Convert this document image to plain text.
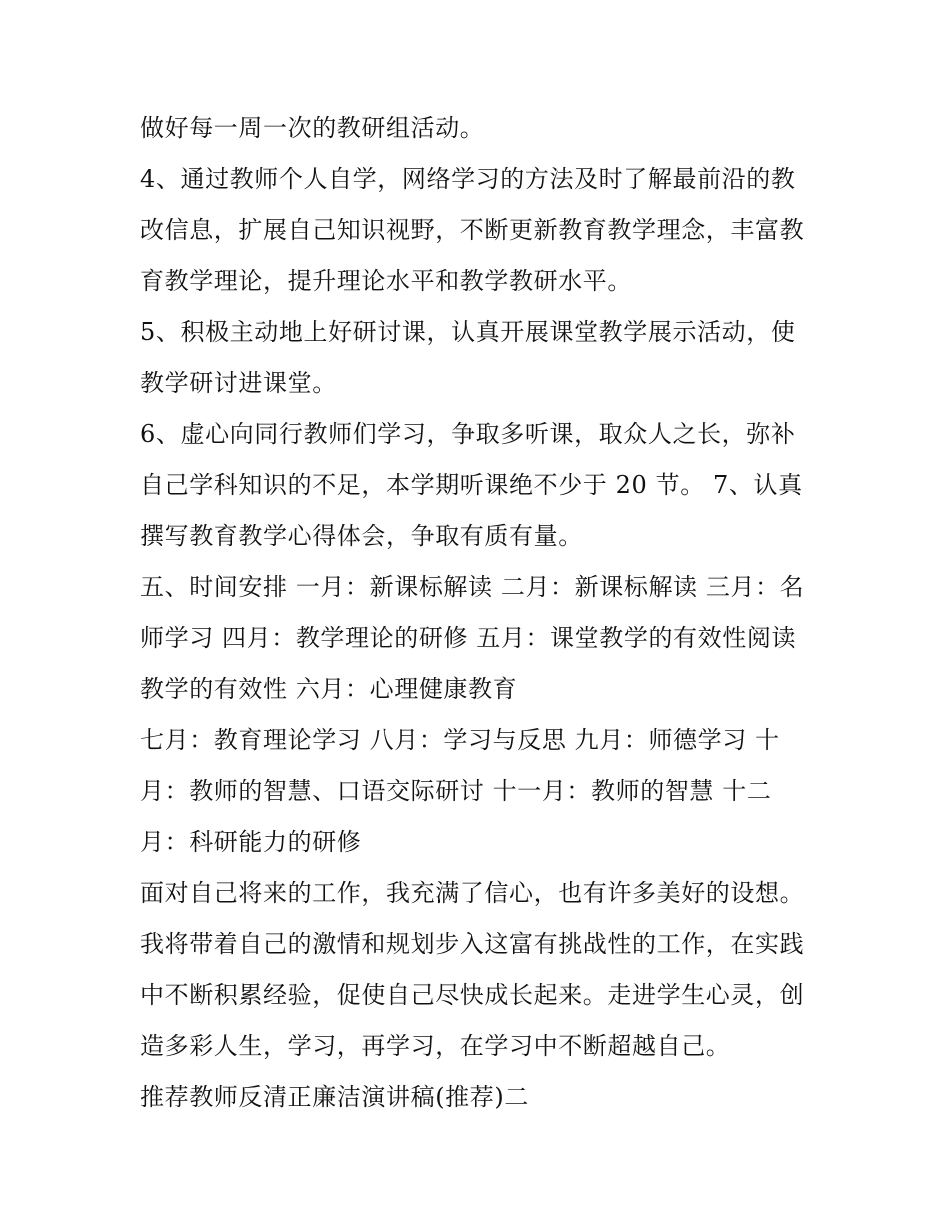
做好每一周一次的教研组活动。
4、通过教师个人自学，网络学习的方法及时了解最前沿的教
改信息，扩展自己知识视野，不断更新教育教学理念，丰富教
育教学理论，提升理论水平和教学教研水平。
5、积极主动地上好研讨课，认真开展课堂教学展示活动，使
教学研讨进课堂。
6、虚心向同行教师们学习，争取多听课，取众人之长，弥补
自己学科知识的不足，本学期听课绝不少于 20 节。 7、认真
撰写教育教学心得体会，争取有质有量。
五、时间安排 一月：新课标解读 二月：新课标解读 三月：名
师学习 四月：教学理论的研修 五月：课堂教学的有效性阅读
教学的有效性 六月：心理健康教育
七月：教育理论学习 八月：学习与反思 九月：师德学习 十
月：教师的智慧、口语交际研讨 十一月：教师的智慧 十二
月：科研能力的研修
面对自己将来的工作，我充满了信心，也有许多美好的设想。
我将带着自己的激情和规划步入这富有挑战性的工作，在实践
中不断积累经验，促使自己尽快成长起来。走进学生心灵，创
造多彩人生，学习，再学习，在学习中不断超越自己。
推荐教师反清正廉洁演讲稿(推荐)二
